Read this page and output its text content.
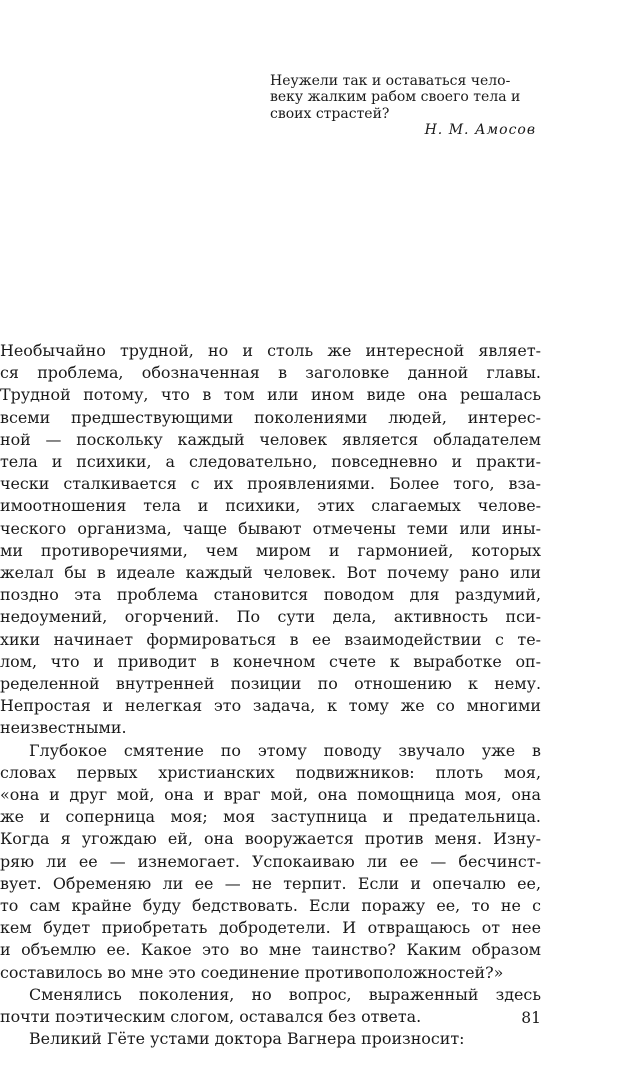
Неужели так и оставаться чело-
веку жалким рабом своего тела и
своих страстей?
Н. М. Амосов
Необычайно трудной, но и столь же интересной являет-
ся проблема, обозначенная в заголовке данной главы.
Трудной потому, что в том или ином виде она решалась
всеми предшествующими поколениями людей, интерес-
ной — поскольку каждый человек является обладателем
тела и психики, а следовательно, повседневно и практи-
чески сталкивается с их проявлениями. Более того, вза-
имоотношения тела и психики, этих слагаемых челове-
ческого организма, чаще бывают отмечены теми или ины-
ми противоречиями, чем миром и гармонией, которых
желал бы в идеале каждый человек. Вот почему рано или
поздно эта проблема становится поводом для раздумий,
недоумений, огорчений. По сути дела, активность пси-
хики начинает формироваться в ее взаимодействии с те-
лом, что и приводит в конечном счете к выработке оп-
ределенной внутренней позиции по отношению к нему.
Непростая и нелегкая это задача, к тому же со многими
неизвестными.
Глубокое смятение по этому поводу звучало уже в
словах первых христианских подвижников: плоть моя,
«она и друг мой, она и враг мой, она помощница моя, она
же и соперница моя; моя заступница и предательница.
Когда я угождаю ей, она вооружается против меня. Изну-
ряю ли ее — изнемогает. Успокаиваю ли ее — бесчинст-
вует. Обременяю ли ее — не терпит. Если и опечалю ее,
то сам крайне буду бедствовать. Если поражу ее, то не с
кем будет приобретать добродетели. И отвращаюсь от нее
и объемлю ее. Какое это во мне таинство? Каким образом
составилось во мне это соединение противоположностей?»
Сменялись поколения, но вопрос, выраженный здесь
почти поэтическим слогом, оставался без ответа.
Великий Гёте устами доктора Вагнера произносит:
81
